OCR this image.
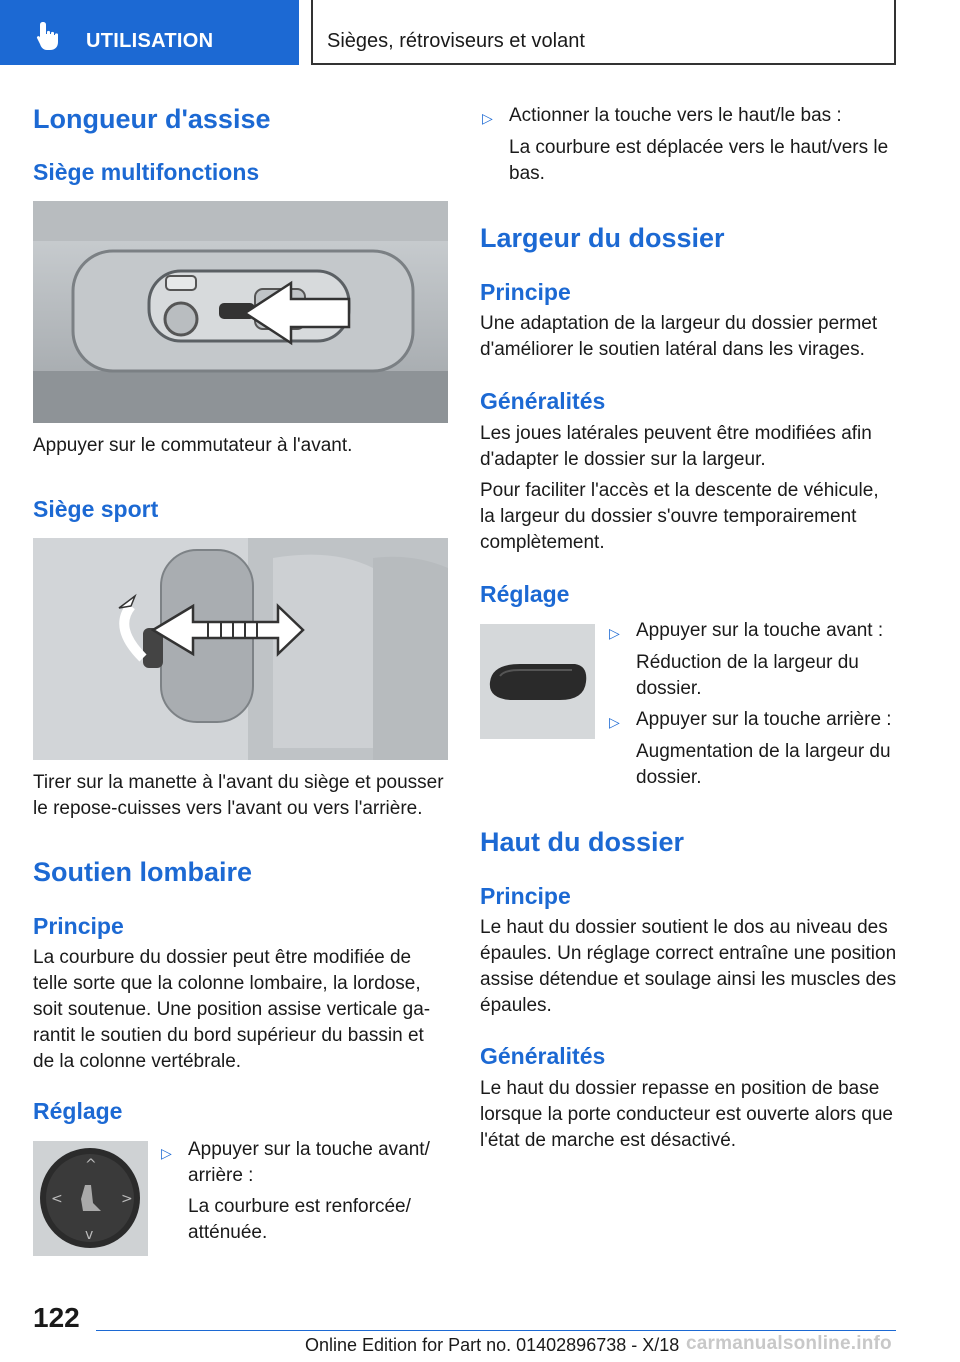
UTILISATION	Sièges, rétroviseurs et volant
Longueur d'assise
Siège multifonctions
Appuyer sur le commutateur à l'avant.
Siège sport
Tirer sur la manette à l'avant du siège et pousser
le repose-cuisses vers l'avant ou vers l'arrière.
Soutien lombaire
Principe
La courbure du dossier peut être modifiée de
telle sorte que la colonne lombaire, la lordose,
soit soutenue. Une position assise verticale ga‐
rantit le soutien du bord supérieur du bassin et
de la colonne vertébrale.
Réglage
^
v
<	>
▷ Appuyer sur la touche avant/
arrière :
La courbure est renforcée/
atténuée.
▷ Actionner la touche vers le haut/le bas :
La courbure est déplacée vers le haut/vers le
bas.
Largeur du dossier
Principe
Une adaptation de la largeur du dossier permet
d'améliorer le soutien latéral dans les virages.
Généralités
Les joues latérales peuvent être modifiées afin
d'adapter le dossier sur la largeur.
Pour faciliter l'accès et la descente de véhicule,
la largeur du dossier s'ouvre temporairement
complètement.
Réglage
▷ Appuyer sur la touche avant :
Réduction de la largeur du
dossier.
▷ Appuyer sur la touche arrière :
Augmentation de la largeur du
dossier.
Haut du dossier
Principe
Le haut du dossier soutient le dos au niveau des
épaules. Un réglage correct entraîne une position
assise détendue et soulage ainsi les muscles des
épaules.
Généralités
Le haut du dossier repasse en position de base
lorsque la porte conducteur est ouverte alors que
l'état de marche est désactivé.
122
Online Edition for Part no. 01402896738 - X/18 carmanualsonline.info
